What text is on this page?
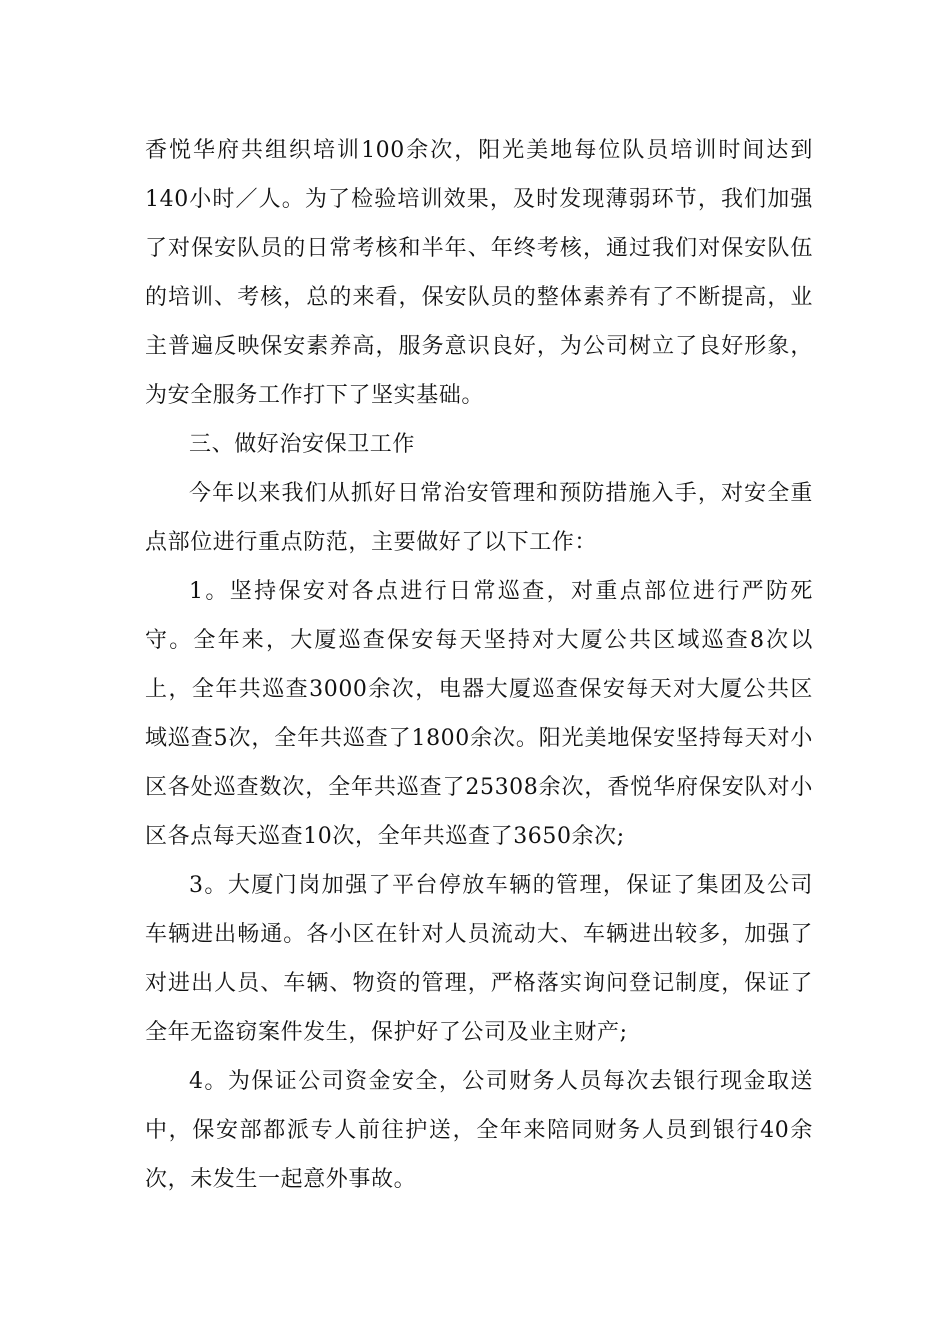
香悦华府共组织培训100余次，阳光美地每位队员培训时间达到140小时／人。为了检验培训效果，及时发现薄弱环节，我们加强了对保安队员的日常考核和半年、年终考核，通过我们对保安队伍的培训、考核，总的来看，保安队员的整体素养有了不断提高，业主普遍反映保安素养高，服务意识良好，为公司树立了良好形象，为安全服务工作打下了坚实基础。

三、做好治安保卫工作

今年以来我们从抓好日常治安管理和预防措施入手，对安全重点部位进行重点防范，主要做好了以下工作：

1。坚持保安对各点进行日常巡查，对重点部位进行严防死守。全年来，大厦巡查保安每天坚持对大厦公共区域巡查8次以上，全年共巡查3000余次，电器大厦巡查保安每天对大厦公共区域巡查5次，全年共巡查了1800余次。阳光美地保安坚持每天对小区各处巡查数次，全年共巡查了25308余次，香悦华府保安队对小区各点每天巡查10次，全年共巡查了3650余次;

3。大厦门岗加强了平台停放车辆的管理，保证了集团及公司车辆进出畅通。各小区在针对人员流动大、车辆进出较多，加强了对进出人员、车辆、物资的管理，严格落实询问登记制度，保证了全年无盗窃案件发生，保护好了公司及业主财产;

4。为保证公司资金安全，公司财务人员每次去银行现金取送中，保安部都派专人前往护送，全年来陪同财务人员到银行40余次，未发生一起意外事故。
